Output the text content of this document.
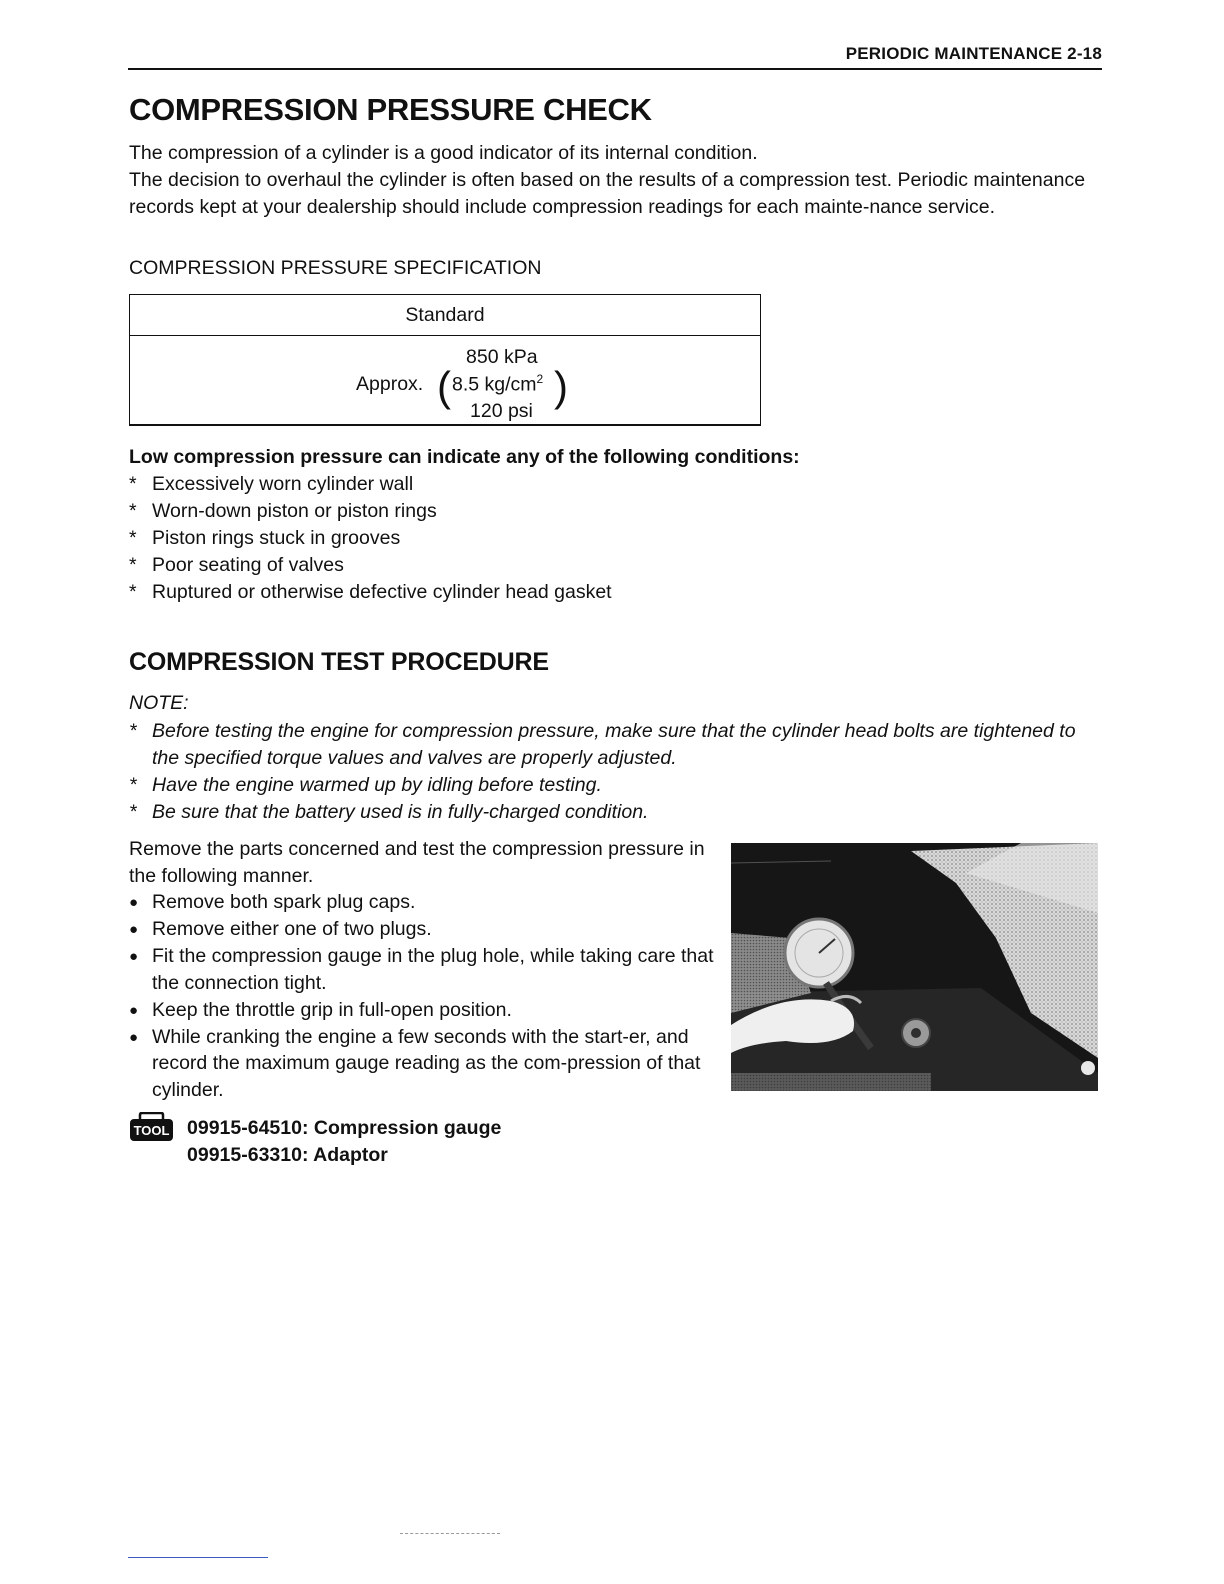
PERIODIC MAINTENANCE 2-18
COMPRESSION PRESSURE CHECK
The compression of a cylinder is a good indicator of its internal condition.
The decision to overhaul the cylinder is often based on the results of a compression test. Periodic maintenance records kept at your dealership should include compression readings for each mainte-nance service.
COMPRESSION PRESSURE SPECIFICATION
Standard
850 kPa
Approx. ( 8.5 $kg/cm^2$ )
120 psi
Low compression pressure can indicate any of the following conditions:
* Excessively worn cylinder wall
* Worn-down piston or piston rings
* Piston rings stuck in grooves
* Poor seating of valves
* Ruptured or otherwise defective cylinder head gasket
COMPRESSION TEST PROCEDURE
NOTE:
* Before testing the engine for compression pressure, make sure that the cylinder head bolts are tightened to the specified torque values and valves are properly adjusted.
* Have the engine warmed up by idling before testing.
* Be sure that the battery used is in fully-charged condition.
Remove the parts concerned and test the compression pressure in the following manner.
● Remove both spark plug caps.
● Remove either one of two plugs.
● Fit the compression gauge in the plug hole, while taking care that the connection tight.
● Keep the throttle grip in full-open position.
● While cranking the engine a few seconds with the start-er, and record the maximum gauge reading as the com-pression of that cylinder.
TOOL 09915-64510: Compression gauge
09915-63310: Adaptor
